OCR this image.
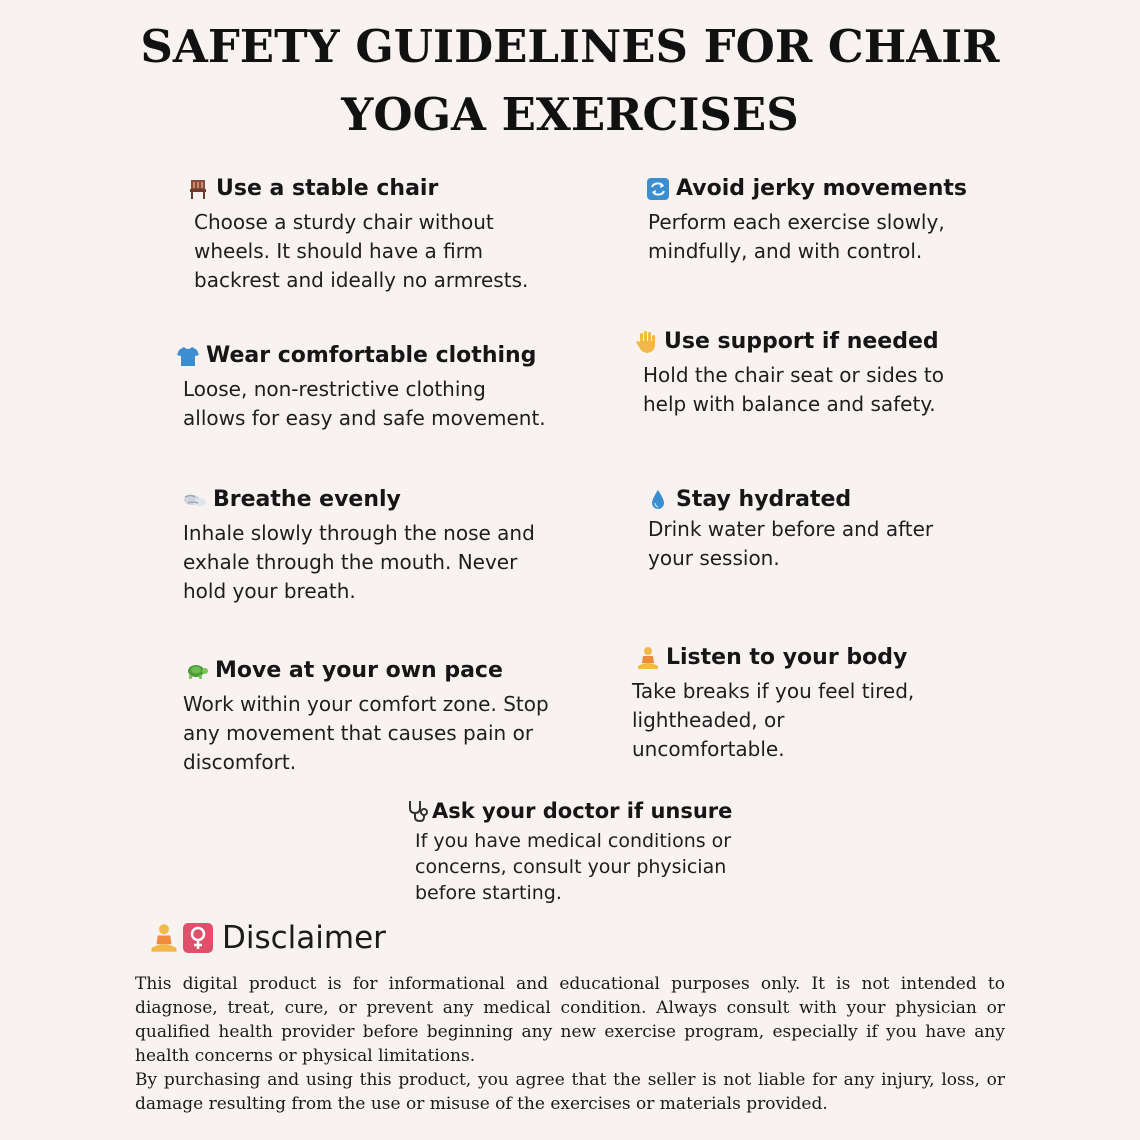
SAFETY GUIDELINES FOR CHAIR
YOGA EXERCISES
Use a stable chair
Choose a sturdy chair without wheels. It should have a firm backrest and ideally no armrests.
Avoid jerky movements
Perform each exercise slowly, mindfully, and with control.
Wear comfortable clothing
Loose, non-restrictive clothing allows for easy and safe movement.
Use support if needed
Hold the chair seat or sides to help with balance and safety.
Breathe evenly
Inhale slowly through the nose and exhale through the mouth. Never hold your breath.
Stay hydrated
Drink water before and after your session.
Move at your own pace
Work within your comfort zone. Stop any movement that causes pain or discomfort.
Listen to your body
Take breaks if you feel tired, lightheaded, or uncomfortable.
Ask your doctor if unsure
If you have medical conditions or concerns, consult your physician before starting.
Disclaimer

This digital product is for informational and educational purposes only. It is not intended to diagnose, treat, cure, or prevent any medical condition. Always consult with your physician or qualified health provider before beginning any new exercise program, especially if you have any health concerns or physical limitations.

By purchasing and using this product, you agree that the seller is not liable for any injury, loss, or damage resulting from the use or misuse of the exercises or materials provided.
